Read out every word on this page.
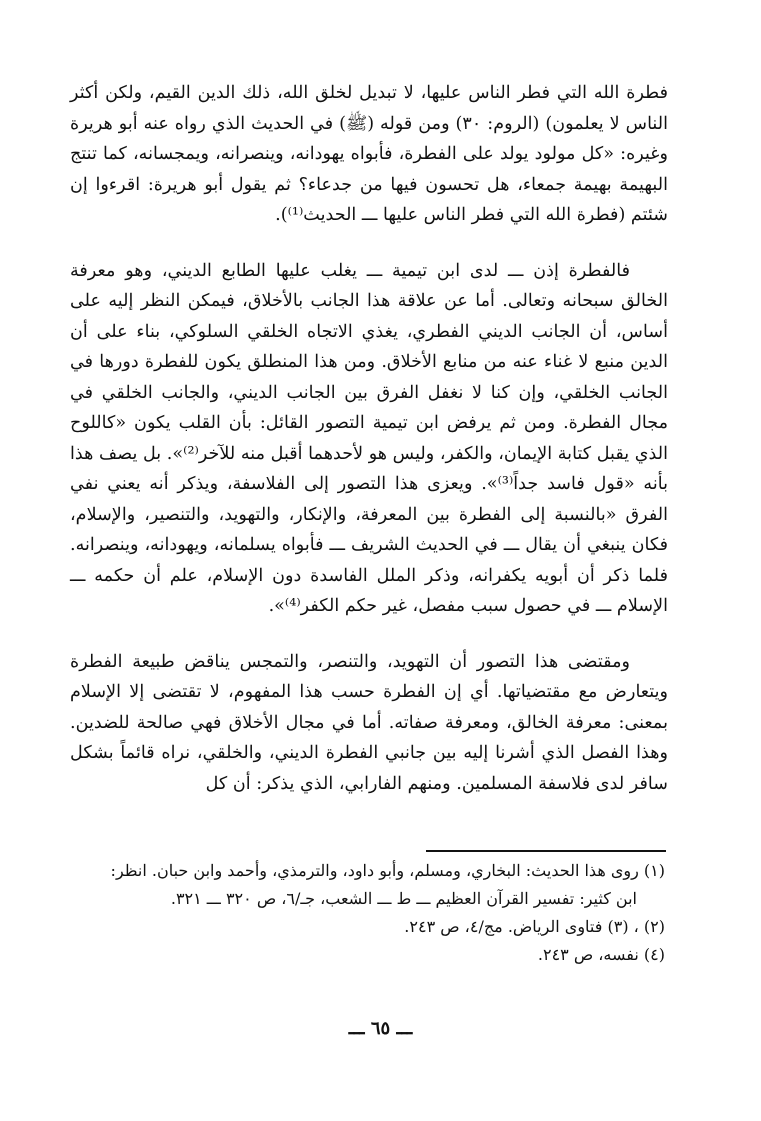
فطرة الله التي فطر الناس عليها، لا تبديل لخلق الله، ذلك الدين القيم، ولكن أكثر الناس لا يعلمون) (الروم: ٣٠) ومن قوله (ﷺ) في الحديث الذي رواه عنه أبو هريرة وغيره: «كل مولود يولد على الفطرة، فأبواه يهودانه، وينصرانه، ويمجسانه، كما تنتج البهيمة بهيمة جمعاء، هل تحسون فيها من جدعاء؟ ثم يقول أبو هريرة: اقرءوا إن شئتم (فطرة الله التي فطر الناس عليها ـــ الحديث⁽¹⁾).

فالفطرة إذن ـــ لدى ابن تيمية ـــ يغلب عليها الطابع الديني، وهو معرفة الخالق سبحانه وتعالى. أما عن علاقة هذا الجانب بالأخلاق، فيمكن النظر إليه على أساس، أن الجانب الديني الفطري، يغذي الاتجاه الخلقي السلوكي، بناء على أن الدين منبع لا غناء عنه من منابع الأخلاق. ومن هذا المنطلق يكون للفطرة دورها في الجانب الخلقي، وإن كنا لا نغفل الفرق بين الجانب الديني، والجانب الخلقي في مجال الفطرة. ومن ثم يرفض ابن تيمية التصور القائل: بأن القلب يكون «كاللوح الذي يقبل كتابة الإيمان، والكفر، وليس هو لأحدهما أقبل منه للآخر⁽²⁾». بل يصف هذا بأنه «قول فاسد جداً⁽³⁾». ويعزى هذا التصور إلى الفلاسفة، ويذكر أنه يعني نفي الفرق «بالنسبة إلى الفطرة بين المعرفة، والإنكار، والتهويد، والتنصير، والإسلام، فكان ينبغي أن يقال ـــ في الحديث الشريف ـــ فأبواه يسلمانه، ويهودانه، وينصرانه. فلما ذكر أن أبويه يكفرانه، وذكر الملل الفاسدة دون الإسلام، علم أن حكمه ـــ الإسلام ـــ في حصول سبب مفصل، غير حكم الكفر⁽⁴⁾».

ومقتضى هذا التصور أن التهويد، والتنصر، والتمجس يناقض طبيعة الفطرة ويتعارض مع مقتضياتها. أي إن الفطرة حسب هذا المفهوم، لا تقتضى إلا الإسلام بمعنى: معرفة الخالق، ومعرفة صفاته. أما في مجال الأخلاق فهي صالحة للضدين. وهذا الفصل الذي أشرنا إليه بين جانبي الفطرة الديني، والخلقي، نراه قائماً بشكل سافر لدى فلاسفة المسلمين. ومنهم الفارابي، الذي يذكر: أن كل

(١) روى هذا الحديث: البخاري، ومسلم، وأبو داود، والترمذي، وأحمد وابن حبان. انظر:

ابن كثير: تفسير القرآن العظيم ـــ ط ـــ الشعب، جـ/٦، ص ٣٢٠ ـــ ٣٢١.

(٢) ، (٣) فتاوى الرياض. مج/٤، ص ٢٤٣.

(٤) نفسه، ص ٢٤٣.

ـــ ٦٥ ـــ
